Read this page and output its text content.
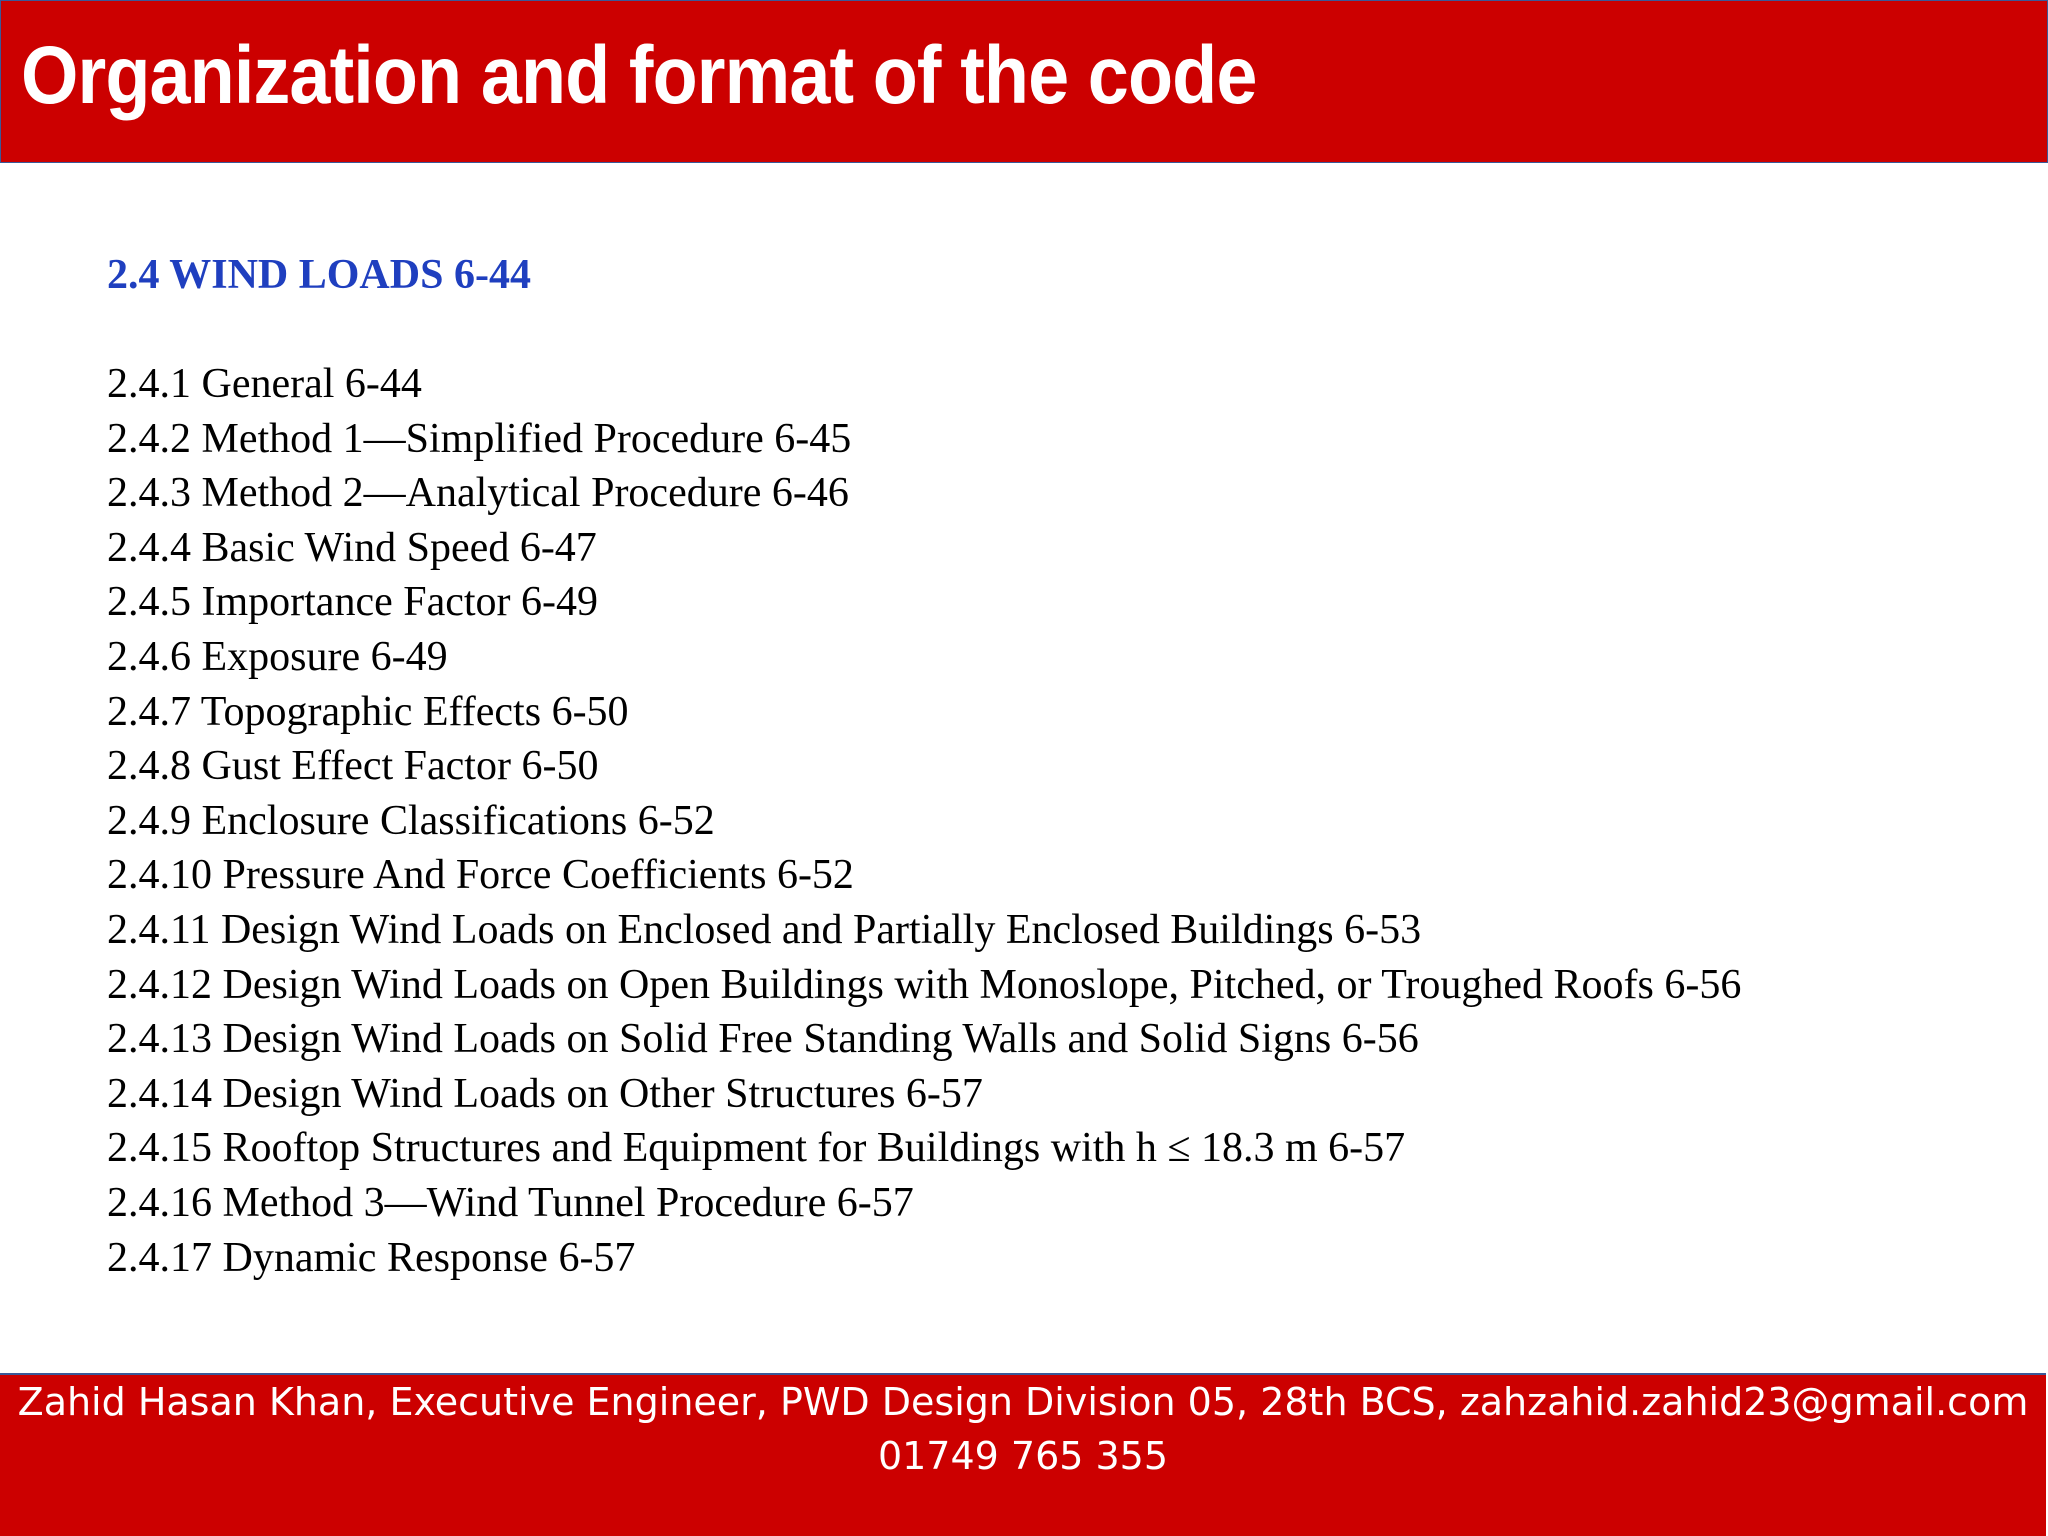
Organization and format of the code
2.4 WIND LOADS 6-44
2.4.1 General 6-44
2.4.2 Method 1—Simplified Procedure 6-45
2.4.3 Method 2—Analytical Procedure 6-46
2.4.4 Basic Wind Speed 6-47
2.4.5 Importance Factor 6-49
2.4.6 Exposure 6-49
2.4.7 Topographic Effects 6-50
2.4.8 Gust Effect Factor 6-50
2.4.9 Enclosure Classifications 6-52
2.4.10 Pressure And Force Coefficients 6-52
2.4.11 Design Wind Loads on Enclosed and Partially Enclosed Buildings 6-53
2.4.12 Design Wind Loads on Open Buildings with Monoslope, Pitched, or Troughed Roofs 6-56
2.4.13 Design Wind Loads on Solid Free Standing Walls and Solid Signs 6-56
2.4.14 Design Wind Loads on Other Structures 6-57
2.4.15 Rooftop Structures and Equipment for Buildings with h ≤ 18.3 m 6-57
2.4.16 Method 3—Wind Tunnel Procedure 6-57
2.4.17 Dynamic Response 6-57
Zahid Hasan Khan, Executive Engineer, PWD Design Division 05, 28th BCS, zahzahid.zahid23@gmail.com
01749 765 355
